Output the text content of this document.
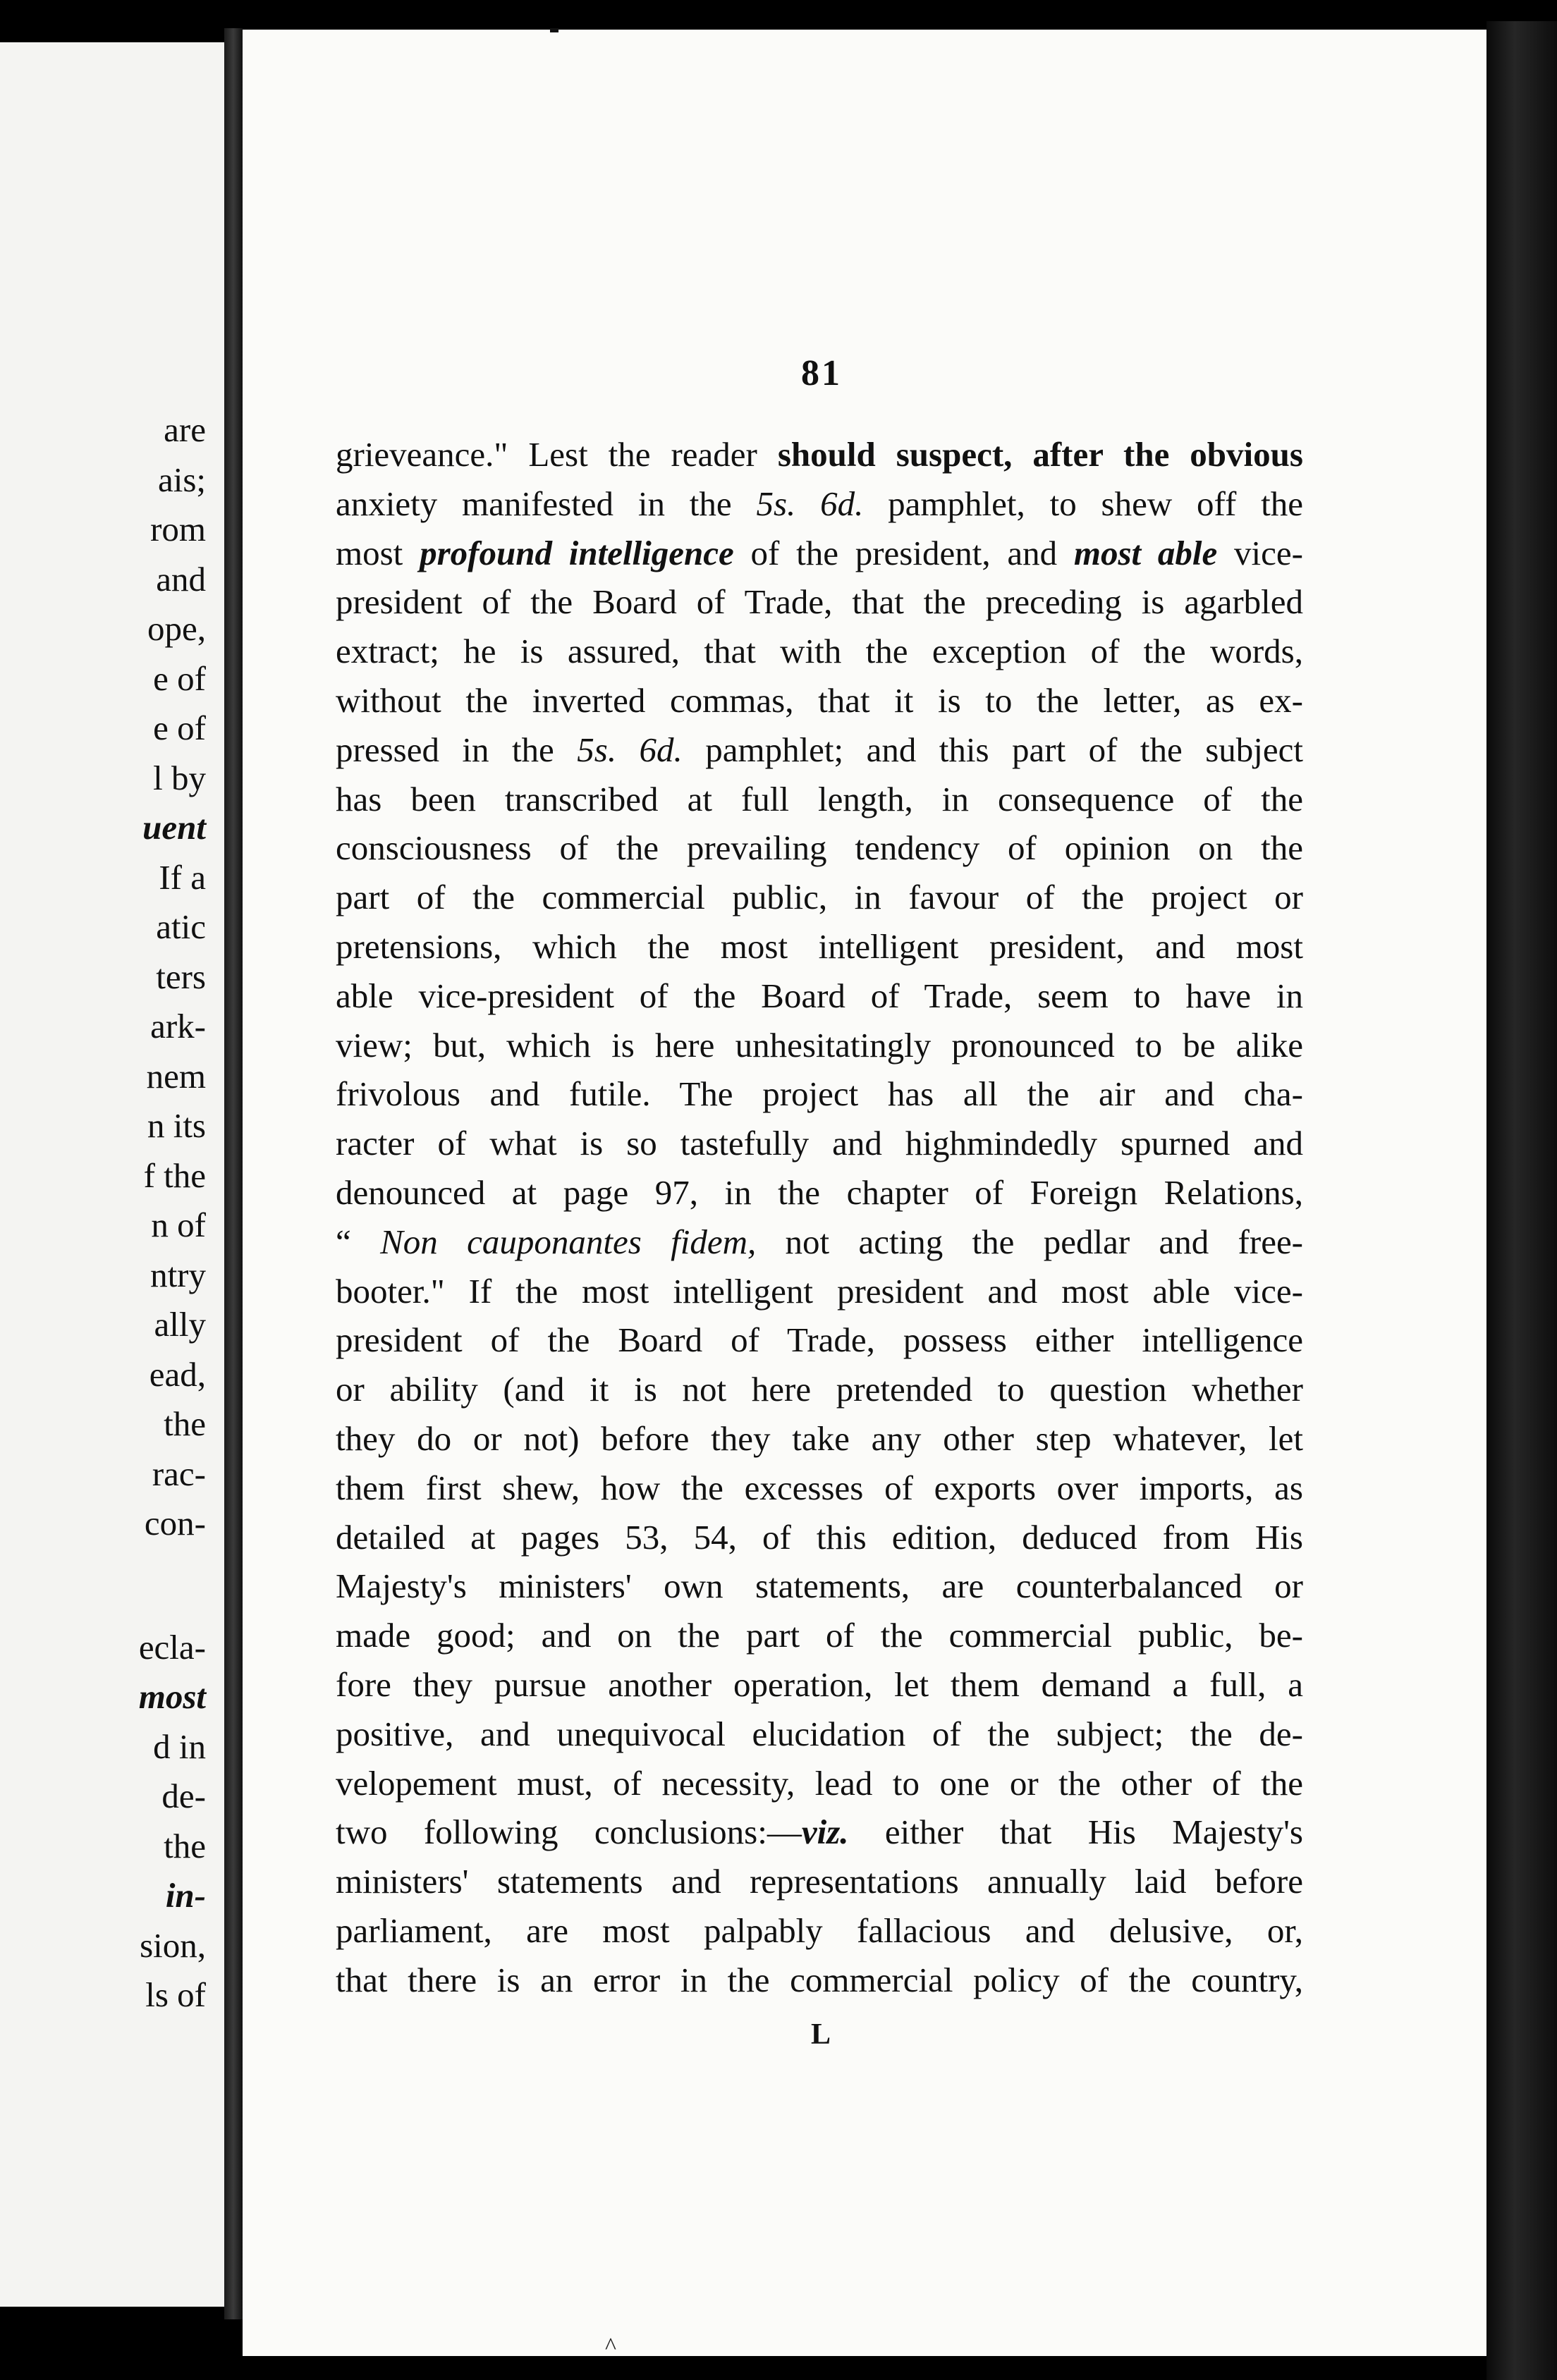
are
ais;
rom
and
ope,
e of
e of
l by
uent
If a
atic
ters
ark-
nem
n its
f the
n of
ntry
ally
ead,
the
rac-
con-
ecla-
most
d in
de-
the
in-
sion,
ls of
81
grieveance." Lest the reader should suspect, after the obvious
anxiety manifested in the 5s. 6d. pamphlet, to shew off the
most profound intelligence of the president, and most able vice-
president of the Board of Trade, that the preceding is agarbled
extract; he is assured, that with the exception of the words,
without the inverted commas, that it is to the letter, as ex-
pressed in the 5s. 6d. pamphlet; and this part of the subject
has been transcribed at full length, in consequence of the
consciousness of the prevailing tendency of opinion on the
part of the commercial public, in favour of the project or
pretensions, which the most intelligent president, and most
able vice-president of the Board of Trade, seem to have in
view; but, which is here unhesitatingly pronounced to be alike
frivolous and futile. The project has all the air and cha-
racter of what is so tastefully and highmindedly spurned and
denounced at page 97, in the chapter of Foreign Relations,
“ Non cauponantes fidem, not acting the pedlar and free-
booter." If the most intelligent president and most able vice-
president of the Board of Trade, possess either intelligence
or ability (and it is not here pretended to question whether
they do or not) before they take any other step whatever, let
them first shew, how the excesses of exports over imports, as
detailed at pages 53, 54, of this edition, deduced from His
Majesty's ministers' own statements, are counterbalanced or
made good; and on the part of the commercial public, be-
fore they pursue another operation, let them demand a full, a
positive, and unequivocal elucidation of the subject; the de-
velopement must, of necessity, lead to one or the other of the
two following conclusions:—viz. either that His Majesty's
ministers' statements and representations annually laid before
parliament, are most palpably fallacious and delusive, or,
that there is an error in the commercial policy of the country,
L
^
